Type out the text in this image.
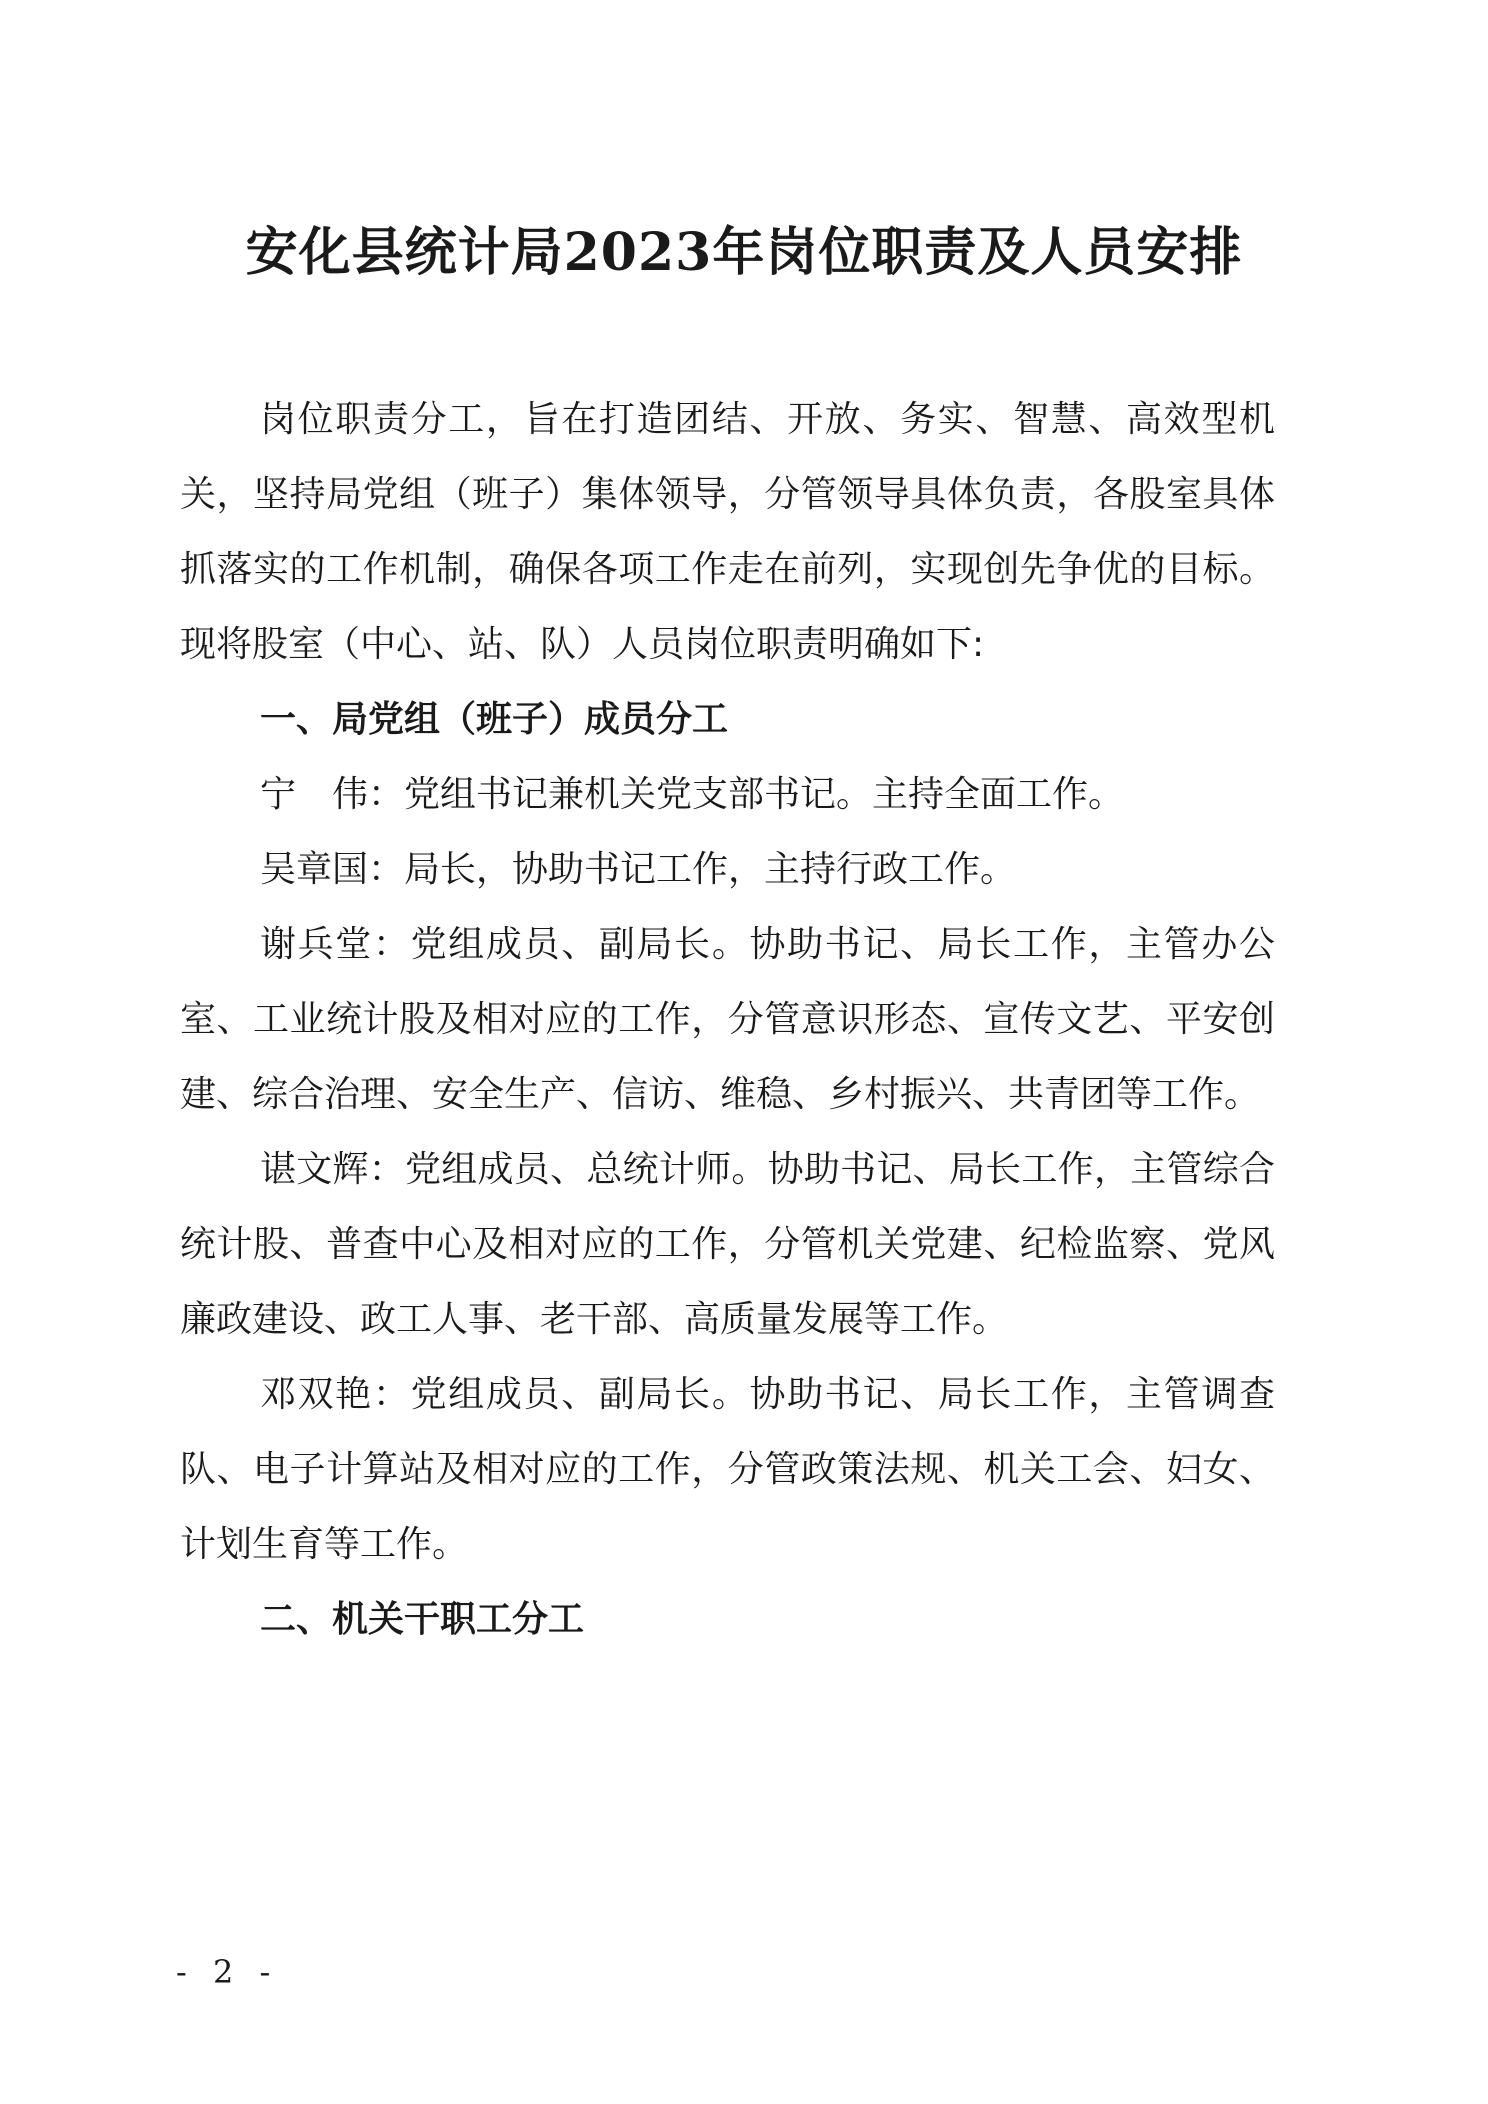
安化县统计局2023年岗位职责及人员安排

岗位职责分工，旨在打造团结、开放、务实、智慧、高效型机关，坚持局党组（班子）集体领导，分管领导具体负责，各股室具体抓落实的工作机制，确保各项工作走在前列，实现创先争优的目标。现将股室（中心、站、队）人员岗位职责明确如下:

一、局党组（班子）成员分工

宁　伟：党组书记兼机关党支部书记。主持全面工作。

吴章国：局长，协助书记工作，主持行政工作。

谢兵堂：党组成员、副局长。协助书记、局长工作，主管办公室、工业统计股及相对应的工作，分管意识形态、宣传文艺、平安创建、综合治理、安全生产、信访、维稳、乡村振兴、共青团等工作。

谌文辉：党组成员、总统计师。协助书记、局长工作，主管综合统计股、普查中心及相对应的工作，分管机关党建、纪检监察、党风廉政建设、政工人事、老干部、高质量发展等工作。

邓双艳：党组成员、副局长。协助书记、局长工作，主管调查队、电子计算站及相对应的工作，分管政策法规、机关工会、妇女、计划生育等工作。

二、机关干职工分工

- 2 -
